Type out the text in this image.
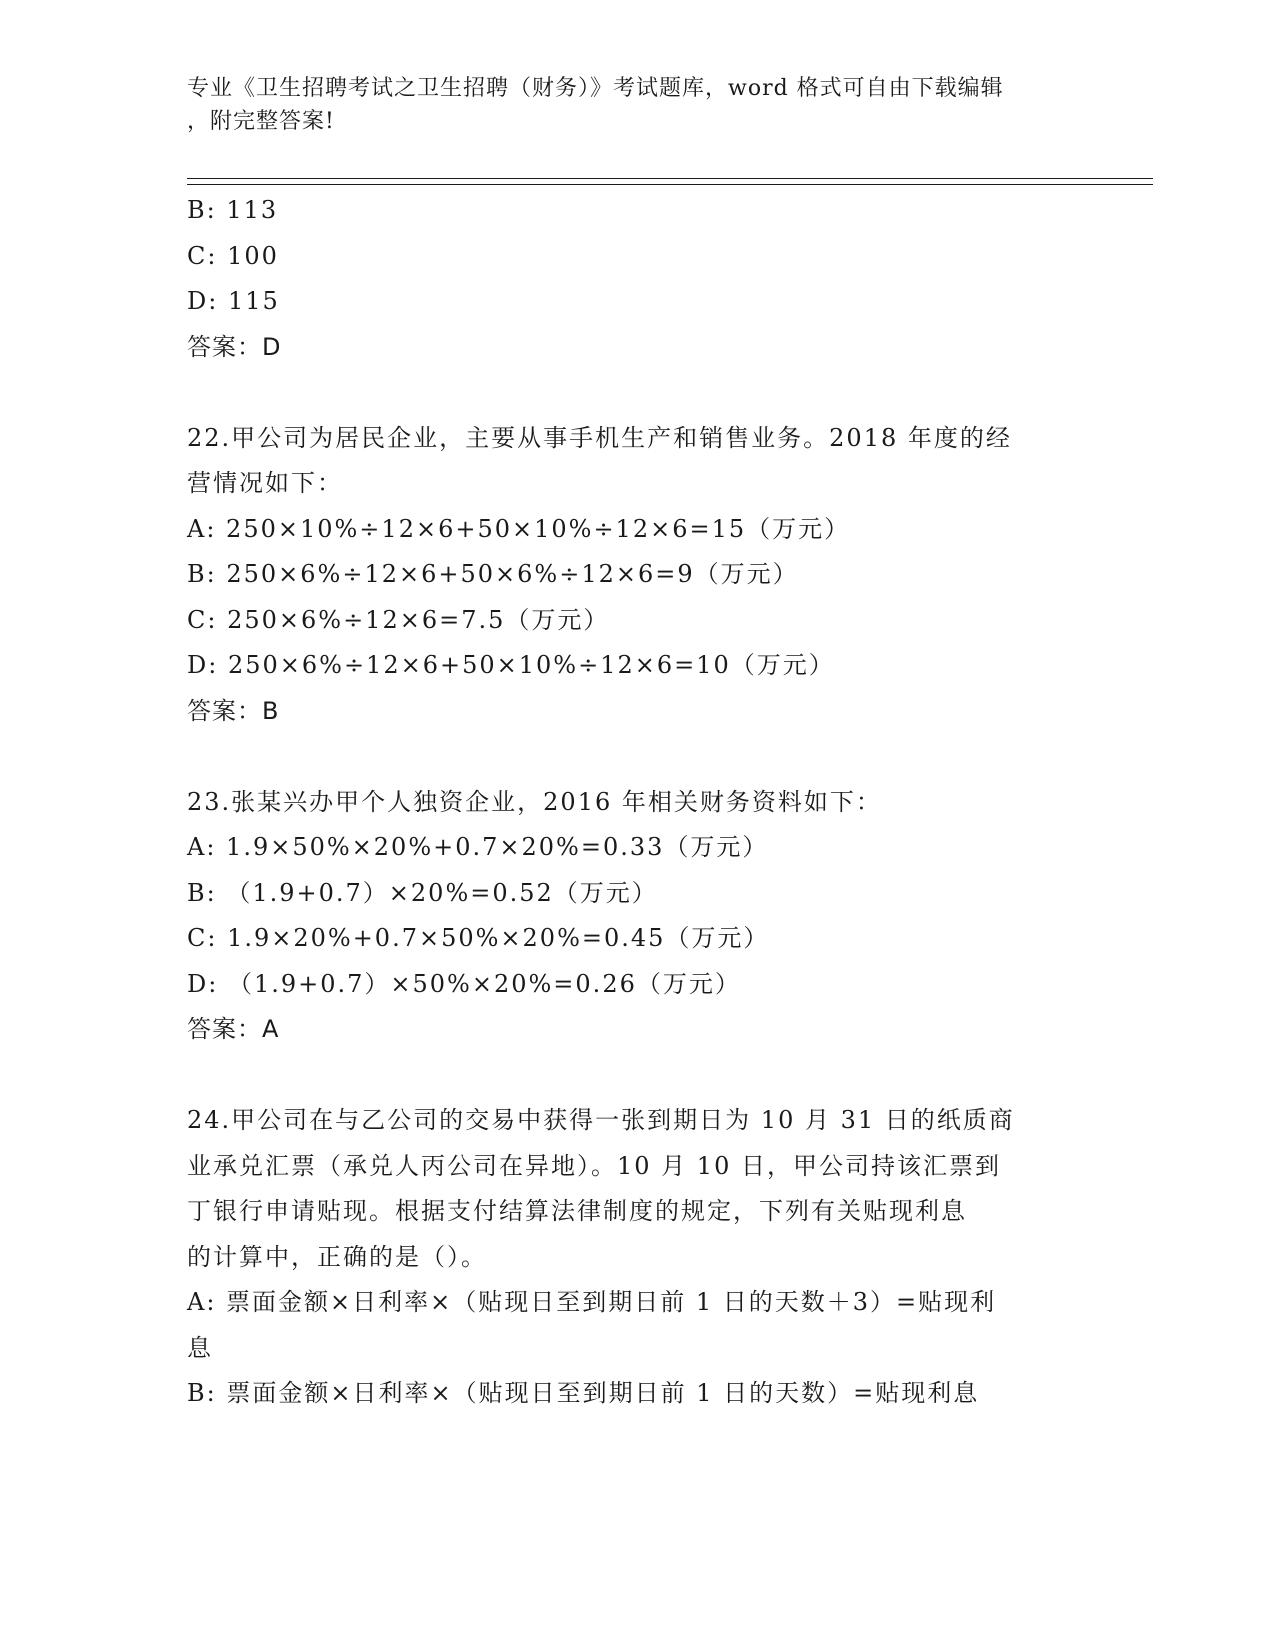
专业《卫生招聘考试之卫生招聘（财务）》考试题库，word 格式可自由下载编辑
，附完整答案!
B: 113
C: 100
D: 115
答案：D
22.甲公司为居民企业，主要从事手机生产和销售业务。2018 年度的经
营情况如下：
A: 250×10%÷12×6+50×10%÷12×6=15（万元）
B: 250×6%÷12×6+50×6%÷12×6=9（万元）
C: 250×6%÷12×6=7.5（万元）
D: 250×6%÷12×6+50×10%÷12×6=10（万元）
答案：B
23.张某兴办甲个人独资企业，2016 年相关财务资料如下：
A: 1.9×50%×20%+0.7×20%=0.33（万元）
B: （1.9+0.7）×20%=0.52（万元）
C: 1.9×20%+0.7×50%×20%=0.45（万元）
D: （1.9+0.7）×50%×20%=0.26（万元）
答案：A
24.甲公司在与乙公司的交易中获得一张到期日为 10 月 31 日的纸质商
业承兑汇票（承兑人丙公司在异地）。10 月 10 日，甲公司持该汇票到
丁银行申请贴现。根据支付结算法律制度的规定，下列有关贴现利息
的计算中，正确的是（）。
A: 票面金额×日利率×（贴现日至到期日前 1 日的天数＋3）=贴现利
息
B: 票面金额×日利率×（贴现日至到期日前 1 日的天数）=贴现利息
